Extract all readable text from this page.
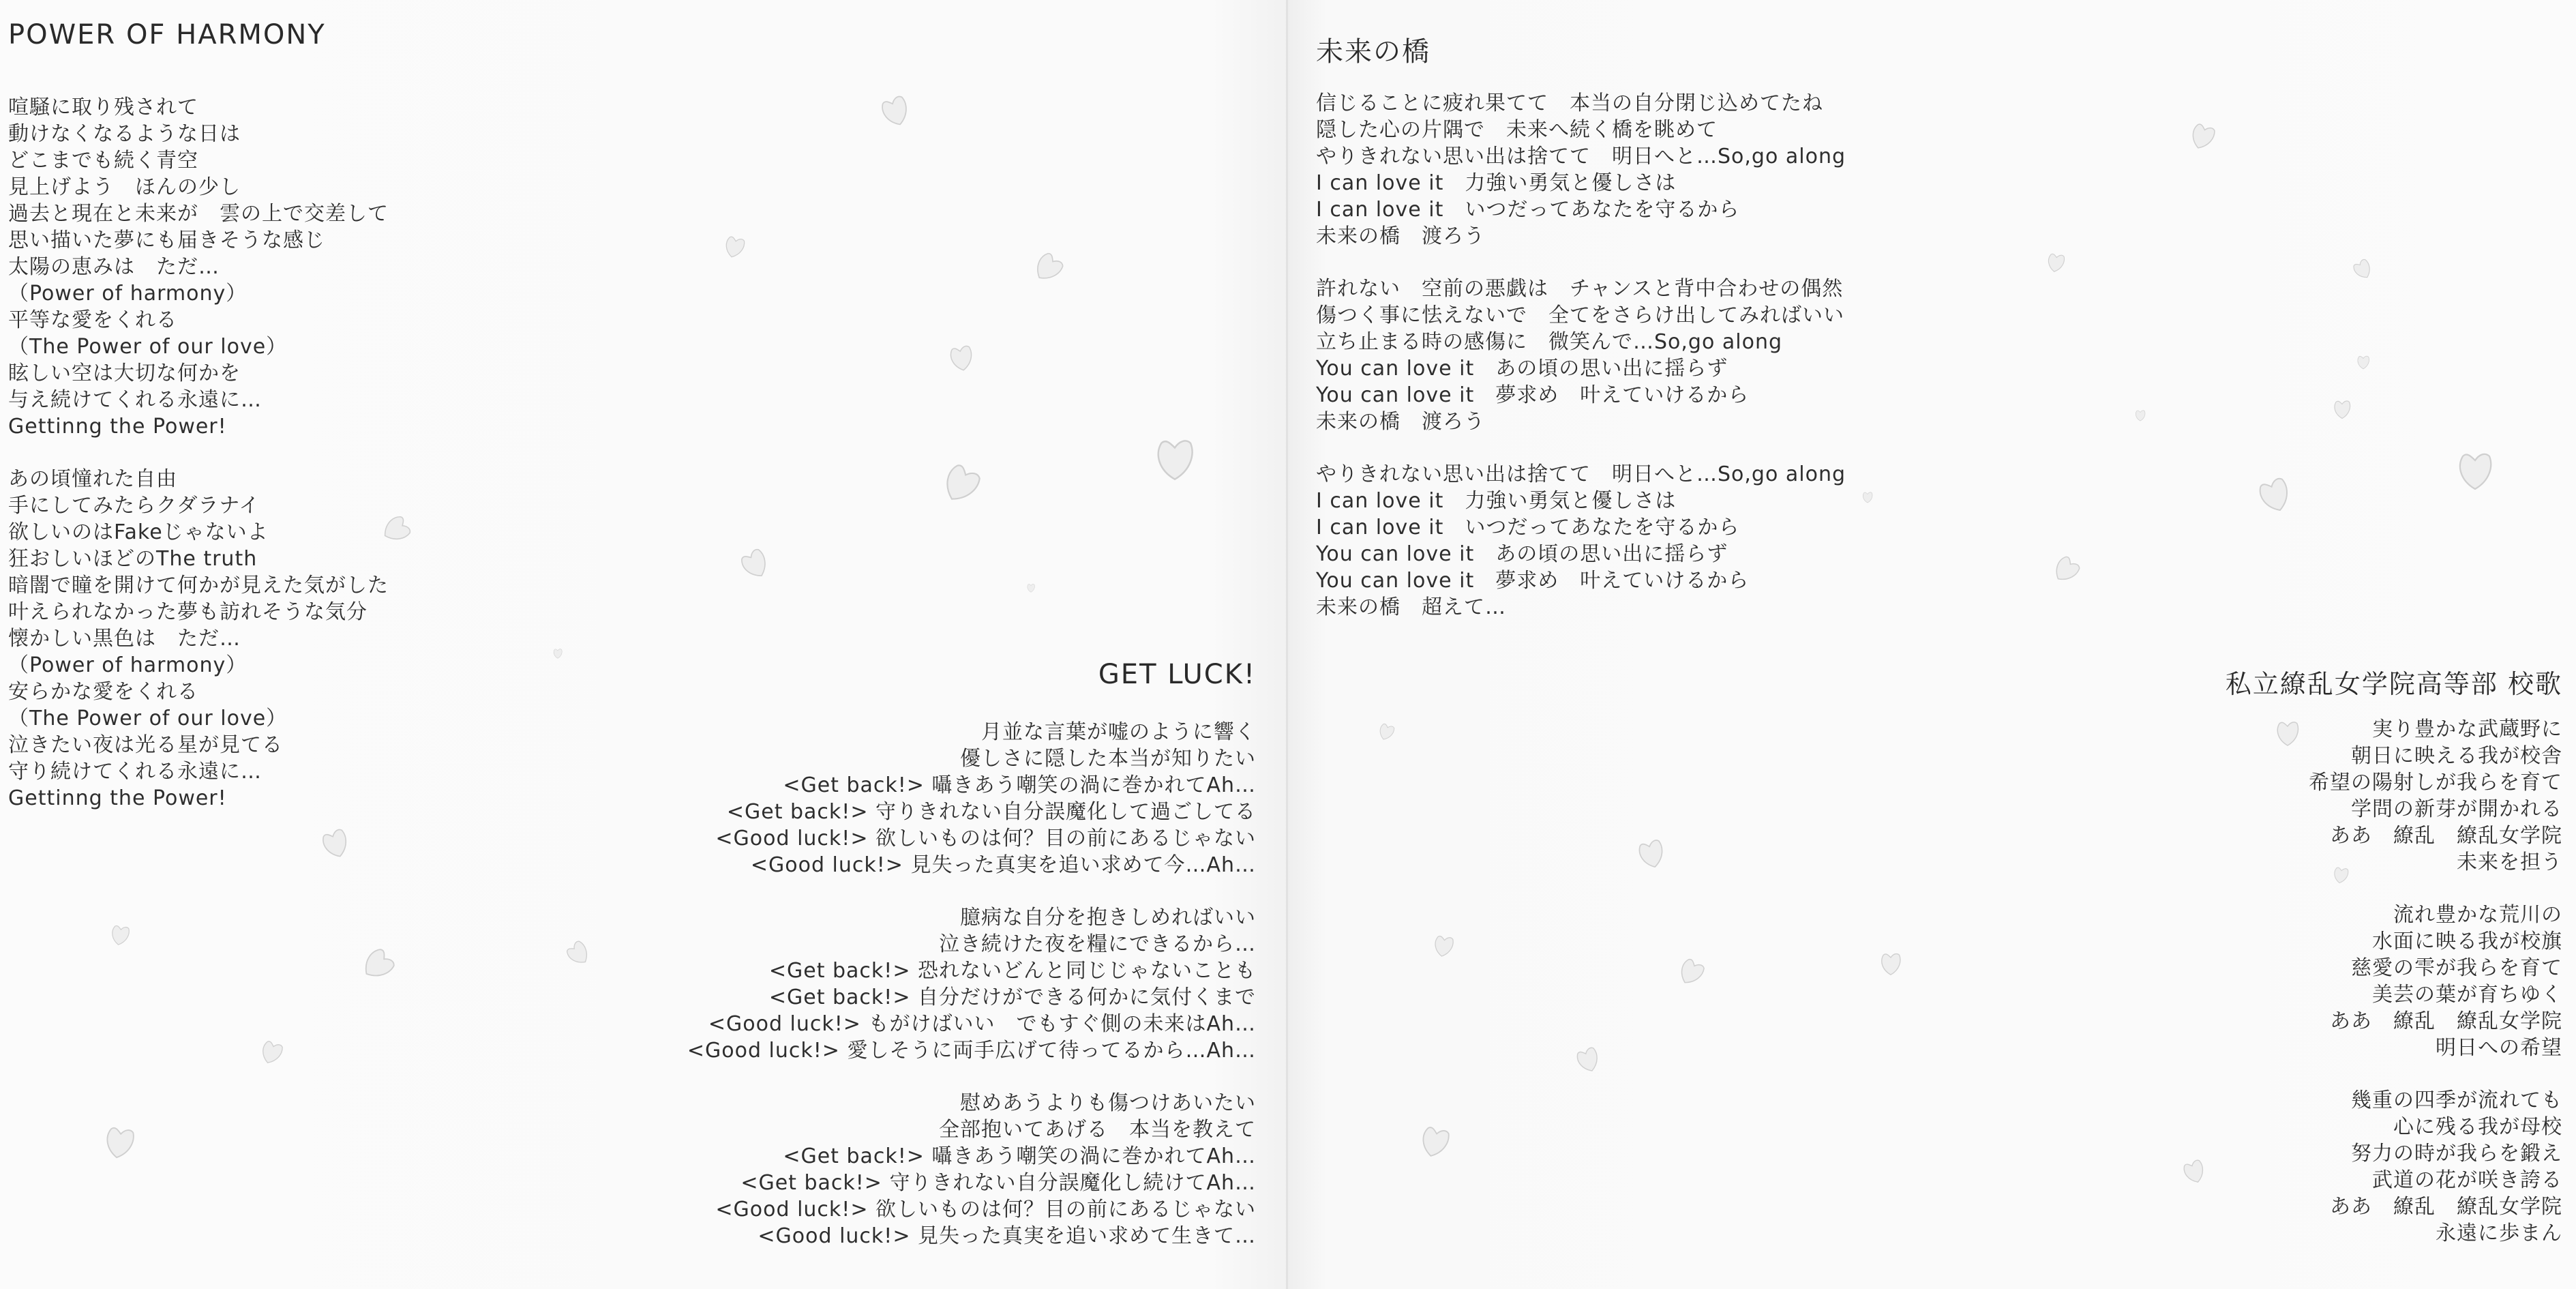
POWER OF HARMONY
喧騒に取り残されて
動けなくなるような日は
どこまでも続く青空
見上げよう　ほんの少し
過去と現在と未来が　雲の上で交差して
思い描いた夢にも届きそうな感じ
太陽の恵みは　ただ…
（Power of harmony）
平等な愛をくれる
（The Power of our love）
眩しい空は大切な何かを
与え続けてくれる永遠に…
Gettinng the Power!
あの頃憧れた自由
手にしてみたらクダラナイ
欲しいのはFakeじゃないよ
狂おしいほどのThe truth
暗闇で瞳を開けて何かが見えた気がした
叶えられなかった夢も訪れそうな気分
懐かしい黒色は　ただ…
（Power of harmony）
安らかな愛をくれる
（The Power of our love）
泣きたい夜は光る星が見てる
守り続けてくれる永遠に…
Gettinng the Power!
GET LUCK!
月並な言葉が嘘のように響く
優しさに隠した本当が知りたい
<Get back!> 囁きあう嘲笑の渦に巻かれてAh…
<Get back!> 守りきれない自分誤魔化して過ごしてる
<Good luck!> 欲しいものは何？目の前にあるじゃない
<Good luck!> 見失った真実を追い求めて今…Ah…
臆病な自分を抱きしめればいい
泣き続けた夜を糧にできるから…
<Get back!> 恐れないどんと同じじゃないことも
<Get back!> 自分だけができる何かに気付くまで
<Good luck!> もがけばいい　でもすぐ側の未来はAh…
<Good luck!> 愛しそうに両手広げて待ってるから…Ah…
慰めあうよりも傷つけあいたい
全部抱いてあげる　本当を教えて
<Get back!> 囁きあう嘲笑の渦に巻かれてAh…
<Get back!> 守りきれない自分誤魔化し続けてAh…
<Good luck!> 欲しいものは何？目の前にあるじゃない
<Good luck!> 見失った真実を追い求めて生きて…
未来の橋
信じることに疲れ果てて　本当の自分閉じ込めてたね
隠した心の片隅で　未来へ続く橋を眺めて
やりきれない思い出は捨てて　明日へと…So,go along
I can love it　力強い勇気と優しさは
I can love it　いつだってあなたを守るから
未来の橋　渡ろう
許れない　空前の悪戯は　チャンスと背中合わせの偶然
傷つく事に怯えないで　全てをさらけ出してみればいい
立ち止まる時の感傷に　微笑んで…So,go along
You can love it　あの頃の思い出に揺らず
You can love it　夢求め　叶えていけるから
未来の橋　渡ろう
やりきれない思い出は捨てて　明日へと…So,go along
I can love it　力強い勇気と優しさは
I can love it　いつだってあなたを守るから
You can love it　あの頃の思い出に揺らず
You can love it　夢求め　叶えていけるから
未来の橋　超えて…
私立繚乱女学院高等部 校歌
実り豊かな武蔵野に
朝日に映える我が校舎
希望の陽射しが我らを育て
学問の新芽が開かれる
ああ　繚乱　繚乱女学院
未来を担う
流れ豊かな荒川の
水面に映る我が校旗
慈愛の雫が我らを育て
美芸の葉が育ちゆく
ああ　繚乱　繚乱女学院
明日への希望
幾重の四季が流れても
心に残る我が母校
努力の時が我らを鍛え
武道の花が咲き誇る
ああ　繚乱　繚乱女学院
永遠に歩まん
